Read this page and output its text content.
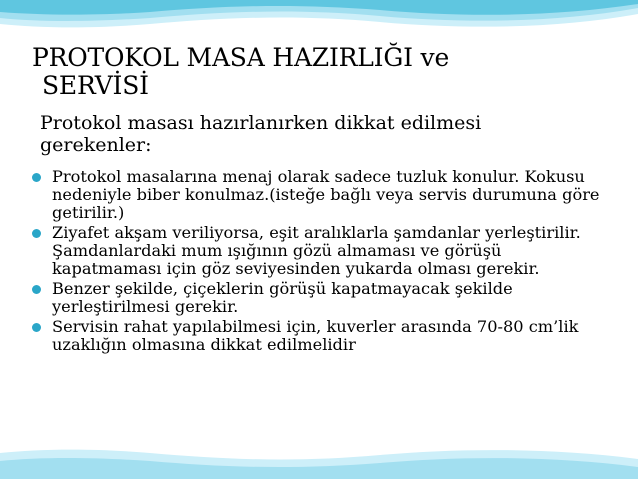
PROTOKOL MASA HAZIRLIĞI ve
SERVİSİ
Protokol masası hazırlanırken dikkat edilmesi
gerekenler:
Protokol masalarına menaj olarak sadece tuzluk konulur. Kokusu nedeniyle biber konulmaz.(isteğe bağlı veya servis durumuna göre getirilir.)
Ziyafet akşam veriliyorsa, eşit aralıklarla şamdanlar yerleştirilir. Şamdanlardaki mum ışığının gözü almaması ve görüşü kapatmaması için göz seviyesinden yukarda olması gerekir.
Benzer şekilde, çiçeklerin görüşü kapatmayacak şekilde yerleştirilmesi gerekir.
Servisin rahat yapılabilmesi için, kuverler arasında 70-80 cm’lik uzaklığın olmasına dikkat edilmelidir
